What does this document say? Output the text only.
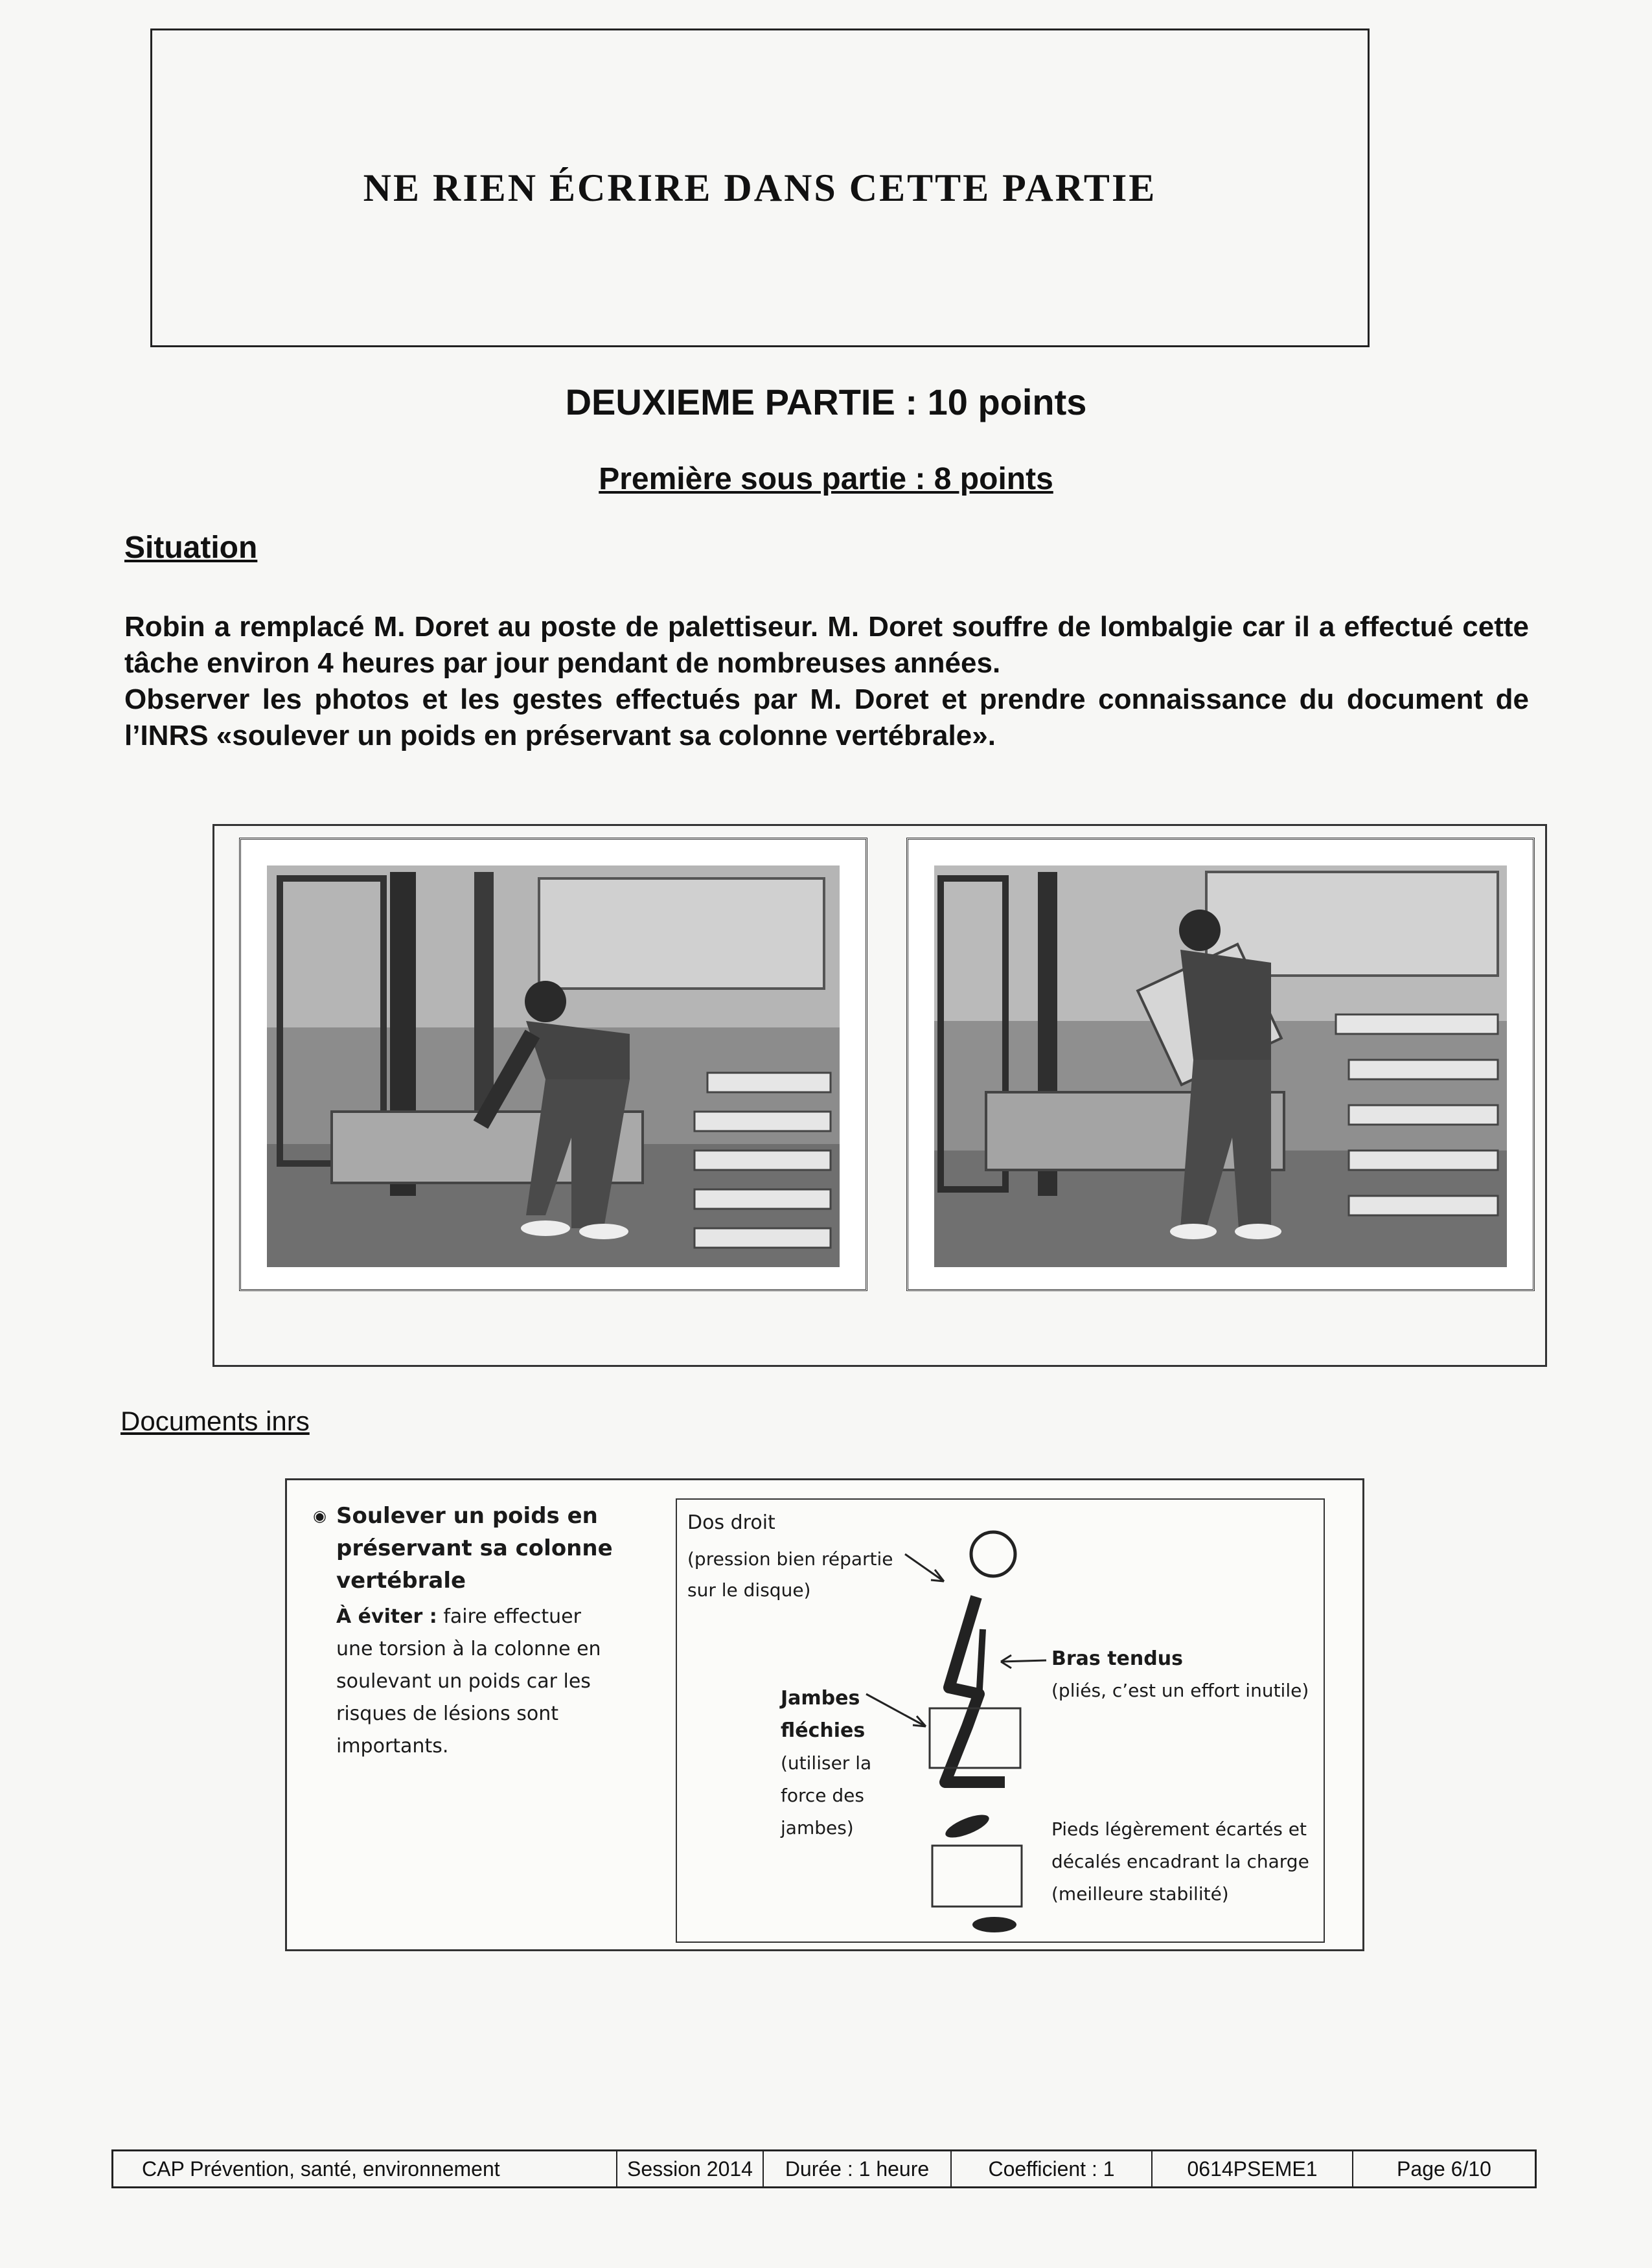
NE RIEN ÉCRIRE DANS CETTE PARTIE
DEUXIEME PARTIE : 10 points
Première sous partie : 8 points
Situation
Robin a remplacé M. Doret au poste de palettiseur. M. Doret souffre de lombalgie car il a effectué cette tâche environ 4 heures par jour pendant de nombreuses années.
Observer les photos et les gestes effectués par M. Doret et prendre connaissance du document de l’INRS «soulever un poids en préservant sa colonne vertébrale».
Documents inrs
◉ Soulever un poids en préservant sa colonne vertébrale
À éviter : faire effectuer une torsion à la colonne en soulevant un poids car les risques de lésions sont importants.
Dos droit
(pression bien répartie
sur le disque)
Bras tendus
(pliés, c’est un effort inutile)
Jambes
fléchies
(utiliser la
force des
jambes)	Pieds légèrement écartés et
décalés encadrant la charge
(meilleure stabilité)
CAP Prévention, santé, environnement	Session 2014	Durée : 1 heure	Coefficient : 1	0614PSEME1	Page 6/10
